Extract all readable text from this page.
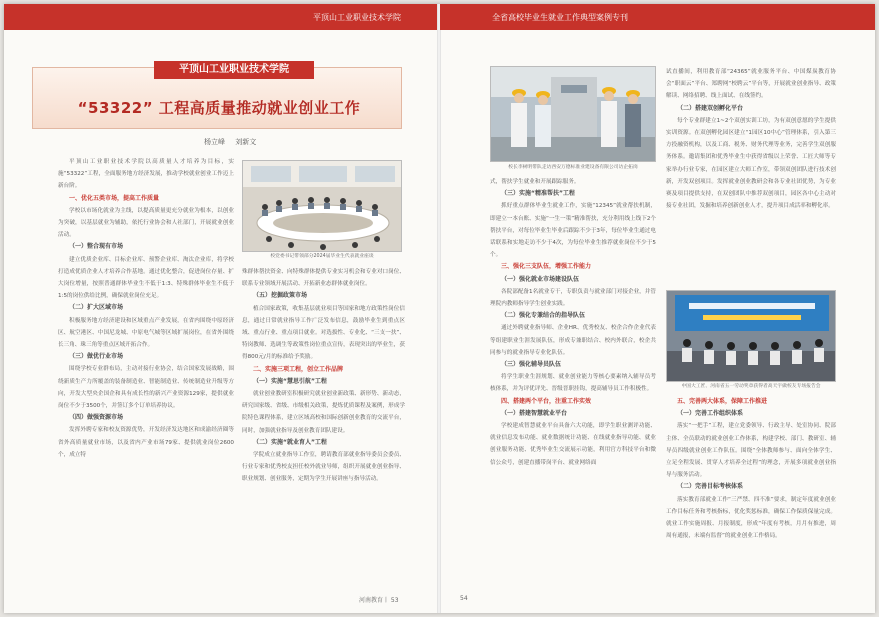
平顶山工业职业技术学院
平顶山工业职业技术学院
“53322” 工程高质量推动就业创业工作
杨立峰 刘新文

平顶山工业职业技术学院以高质量人才培养为目标，实施“53322”工程，全面服务地方经济发展，推动学校就业创业工作迈上新台阶。

一、优化五类市场，提高工作质量

学校以市场化就业为主线，以提高质量更充分就业为根本，以创业为突破，以基层就业为辅助，依托行业协会和人社部门，开展就业创业活动。

（一）整合现有市场

建立优质企业库、目标企业库、预警企业库、淘汰企业库，将学校打造成优质企业人才培养合作基地。通过优化整合，促进岗位存量、扩大岗位增量，按照普通群体毕业生不低于1:3、特殊群体毕业生不低于1:5的岗位供给比例，确保就业岗位充足。

（二）扩大区域市场

积极服务地方经济建设和区域重点产业发展，在省内围绕中原经济区、航空港区、中国尼龙城、中原电气城等区域扩展岗位，在省外围绕长三角、珠三角等重点区域开拓合作。

（三）做优行业市场

围绕学校专业群布局，主动对接行业协会，结合国家发展战略，围绕新质生产力所覆盖的装备制造业、智能制造业、传统制造业升级等方向，开发大型央企国企和具有成长性的新兴产业资源129家，提供就业岗位不少于3500个，并签订多个订单培养协议。

（四）做强资源市场

发挥外聘专家和校友资源优势，开发经济发达地区和成渝经济圈等省外高质量就业市场，以及省内产业市场79家、提供就业岗位2600个，成立特

校党委书记带领部分2024届毕业生代表就业座谈

殊群体帮扶资金、向特殊群体提供专业实习机会和专业对口岗位、联系专业领域开展活动、开拓新业态群体就业岗位。

（五）挖掘政策市场

植合国家政策，收集基层就业项目等国家和地方政策性岗位信息，通过日常就业指导工作广泛发布信息，鼓励毕业生到重点区域、重点行业、重点项目就业。对选拔性、专业化、“三支一扶”、特岗教师、选调生等政策性岗位重点宣传，表现突出的毕业生，获得800元/月的标准给予奖励。

二、实施三项工程，创立工作品牌
（一）实施“慧思引航”工程

就业创业教研室积极研究就业创业新政策、新形势、新动态，研究国家级、省级、市级相关政策，提炼优质课程及案例，形成学院特色课程体系，建立区域高校和国际创新创业教育的交流平台，同时，加强就业指导及创业教育团队建设。

（二）实施“就业育人”工程

学院成立就业指导工作室，聘请教育部就业指导委员会委员、行业专家和优秀校友担任校外就业导师，组织开展就业创业指导、职业规划、创业服务，定期为学生开展讲座与指导活动。

河南教育丨 53
全省高校毕业生就业工作典型案例专刊
校长李树明带队走访西安万德标准业建设备有限公司访企拓岗

式，帮扶学生就业和开展跟踪服务。

（三）实施“精准帮扶”工程

抓好重点群体毕业生就业工作，实施“12345”就业帮扶机制，即建立一本台账、实施“一生一策”精准帮扶，充分利用线上线下2个帮扶平台，对每位毕业生毕业后跟踪不少于3年，每位毕业生通过电话联系和实地走访不少于4次，为每位毕业生推荐就业岗位不少于5个。

三、强化三支队伍，增强工作能力
（一）强化就业市场建设队伍

各院部配备1名就业专干，专职负责与就业部门对接企业，并管理院内教师指导学生创业实践。

（二）强化专兼结合的指导队伍

通过外聘就业指导师、企业HR、优秀校友、校企合作企业代表等组建职业生涯发展队伍，形成专兼职结合、校内外联合，校企共同参与的就业指导专业化队伍。

（三）强化辅导员队伍

将学生职业生涯规划、就业创业能力等核心要素纳入辅导员考核体系，并为评优评先、晋级晋职挂钩，提高辅导员工作积极性。

四、搭建两个平台，注重工作实效
（一）搭建智慧就业平台

学校建成智慧就业平台具备六大功能，即学生职业测评功能、就业信息发布功能、就业数据统计功能、在线就业指导功能、就业创业服务功能、优秀毕业生交流展示功能，利用官方科技平台和微信公众号，创建直播带岗平台、就业网络面

试直播间，利用教育部“24365”就业服务平台、中国煤炭教育协会“职面云”平台、郑聘网“校聘云”平台等，开展就业创业指导、政策解读、网络招聘、线上面试、在线签约。

（二）搭建双创孵化平台

每个专业群建立1~2个双创实训工坊，为有双创意愿的学生提供实训资源。在双创孵化园区建立“1园区10中心”管理体系，引入第三方投融资机构，以及工商、税务、财务代理等业务，完善学生双创服务体系。邀请集团和优秀毕业生中获得省级以上荣誉、工匠大师等专家举办行业专家，在园区建立大师工作室，带领双创团队进行技术创新，开发双创项目。发挥就业创业教研会和各专业社团优势，为专业赛及项目提供支持，在双创团队中推荐双创项目，园区各中心主动对接专业社团，发掘和培养创新创业人才，提升项目成活率和孵化率。

中国大工匠、河南省五一劳动奖章获得者高天宇做校友专场报告会
五、完善两大体系，保障工作推进
（一）完善工作组织体系

落实“一把手”工程，建立党委领导、行政主导、处室协同、院部主体、全员联动的就业创业工作体系，构建学校、部门、教研室、辅导员四级就业创业工作队伍。围绕“全体教师参与、面向全体学生、立足全程发展、贯穿人才培养全过程”的理念，开展多项就业创业指导与服务活动。

（二）完善目标考核体系

落实教育部就业工作“三严禁、四不准”要求，制定年度就业创业工作目标任务和考核指标，优化奖惩标准，确保工作保质保量完成。就业工作实施周报、月报制度，形成“年度有考核，月月有推进，周周有通报，未端有监督”的就业创业工作格局。

54
